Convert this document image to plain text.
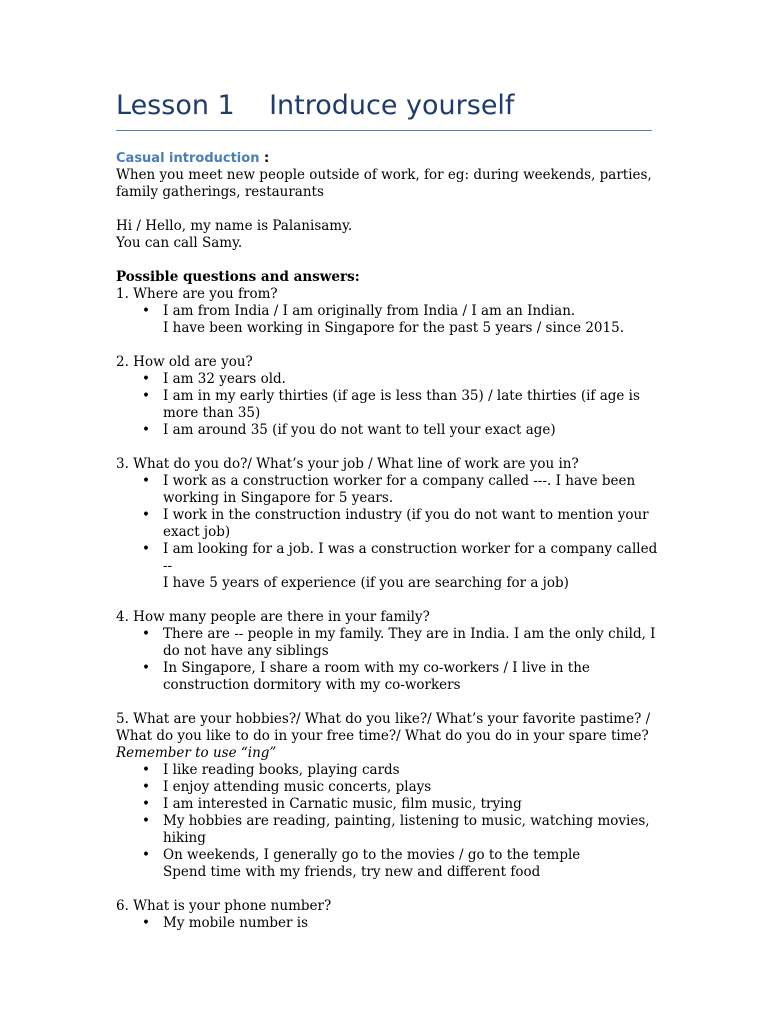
Lesson 1 Introduce yourself

Casual introduction :

When you meet new people outside of work, for eg: during weekends, parties,

family gatherings, restaurants

Hi / Hello, my name is Palanisamy.

You can call Samy.

Possible questions and answers:

1. Where are you from?

• I am from India / I am originally from India / I am an Indian.

I have been working in Singapore for the past 5 years / since 2015.

2. How old are you?

• I am 32 years old.
• I am in my early thirties (if age is less than 35) / late thirties (if age is
more than 35)
• I am around 35 (if you do not want to tell your exact age)

3. What do you do?/ What’s your job / What line of work are you in?

• I work as a construction worker for a company called ---. I have been
working in Singapore for 5 years.
• I work in the construction industry (if you do not want to mention your
exact job)
• I am looking for a job. I was a construction worker for a company called --
I have 5 years of experience (if you are searching for a job)

4. How many people are there in your family?

• There are -- people in my family. They are in India. I am the only child, I
do not have any siblings
• In Singapore, I share a room with my co-workers / I live in the
construction dormitory with my co-workers

5. What are your hobbies?/ What do you like?/ What’s your favorite pastime? /

What do you like to do in your free time?/ What do you do in your spare time?

Remember to use “ing”

• I like reading books, playing cards
• I enjoy attending music concerts, plays
• I am interested in Carnatic music, film music, trying
• My hobbies are reading, painting, listening to music, watching movies,
hiking
• On weekends, I generally go to the movies / go to the temple
Spend time with my friends, try new and different food

6. What is your phone number?

• My mobile number is
